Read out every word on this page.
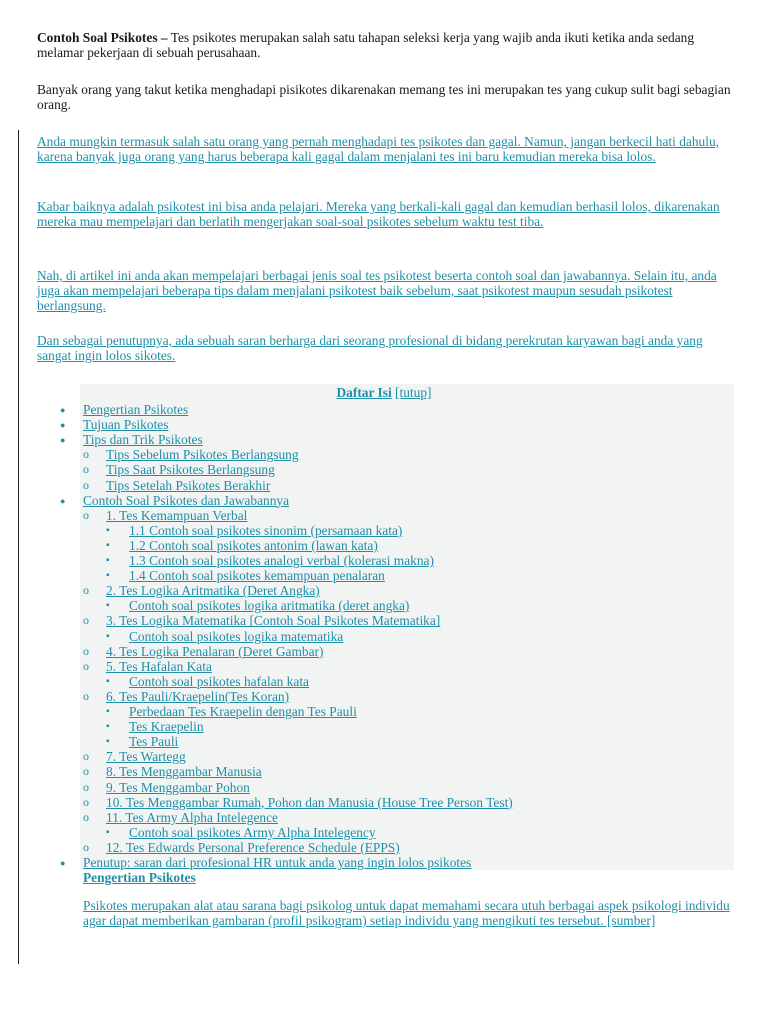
Contoh Soal Psikotes – Tes psikotes merupakan salah satu tahapan seleksi kerja yang wajib anda ikuti ketika anda sedang melamar pekerjaan di sebuah perusahaan.
Banyak orang yang takut ketika menghadapi pisikotes dikarenakan memang tes ini merupakan tes yang cukup sulit bagi sebagian orang.
Anda mungkin termasuk salah satu orang yang pernah menghadapi tes psikotes dan gagal. Namun, jangan berkecil hati dahulu, karena banyak juga orang yang harus beberapa kali gagal dalam menjalani tes ini baru kemudian mereka bisa lolos.
Kabar baiknya adalah psikotest ini bisa anda pelajari. Mereka yang berkali-kali gagal dan kemudian berhasil lolos, dikarenakan mereka mau mempelajari dan berlatih mengerjakan soal-soal psikotes sebelum waktu test tiba.
Nah, di artikel ini anda akan mempelajari berbagai jenis soal tes psikotest beserta contoh soal dan jawabannya. Selain itu, anda juga akan mempelajari beberapa tips dalam menjalani psikotest baik sebelum, saat psikotest maupun sesudah psikotest berlangsung.
Dan sebagai penutupnya, ada sebuah saran berharga dari seorang profesional di bidang perekrutan karyawan bagi anda yang sangat ingin lolos sikotes.
Daftar Isi [tutup]
● Pengertian Psikotes
● Tujuan Psikotes
● Tips dan Trik Psikotes
o Tips Sebelum Psikotes Berlangsung
o Tips Saat Psikotes Berlangsung
o Tips Setelah Psikotes Berakhir
● Contoh Soal Psikotes dan Jawabannya
o 1. Tes Kemampuan Verbal
▪ 1.1 Contoh soal psikotes sinonim (persamaan kata)
▪ 1.2 Contoh soal psikotes antonim (lawan kata)
▪ 1.3 Contoh soal psikotes analogi verbal (kolerasi makna)
▪ 1.4 Contoh soal psikotes kemampuan penalaran
o 2. Tes Logika Aritmatika (Deret Angka)
▪ Contoh soal psikotes logika aritmatika (deret angka)
o 3. Tes Logika Matematika [Contoh Soal Psikotes Matematika]
▪ Contoh soal psikotes logika matematika
o 4. Tes Logika Penalaran (Deret Gambar)
o 5. Tes Hafalan Kata
▪ Contoh soal psikotes hafalan kata
o 6. Tes Pauli/Kraepelin(Tes Koran)
▪ Perbedaan Tes Kraepelin dengan Tes Pauli
▪ Tes Kraepelin
▪ Tes Pauli
o 7. Tes Wartegg
o 8. Tes Menggambar Manusia
o 9. Tes Menggambar Pohon
o 10. Tes Menggambar Rumah, Pohon dan Manusia (House Tree Person Test)
o 11. Tes Army Alpha Intelegence
▪ Contoh soal psikotes Army Alpha Intelegency
o 12. Tes Edwards Personal Preference Schedule (EPPS)
● Penutup: saran dari profesional HR untuk anda yang ingin lolos psikotes
Pengertian Psikotes
Psikotes merupakan alat atau sarana bagi psikolog untuk dapat memahami secara utuh berbagai aspek psikologi individu agar dapat memberikan gambaran (profil psikogram) setiap individu yang mengikuti tes tersebut. [sumber]
